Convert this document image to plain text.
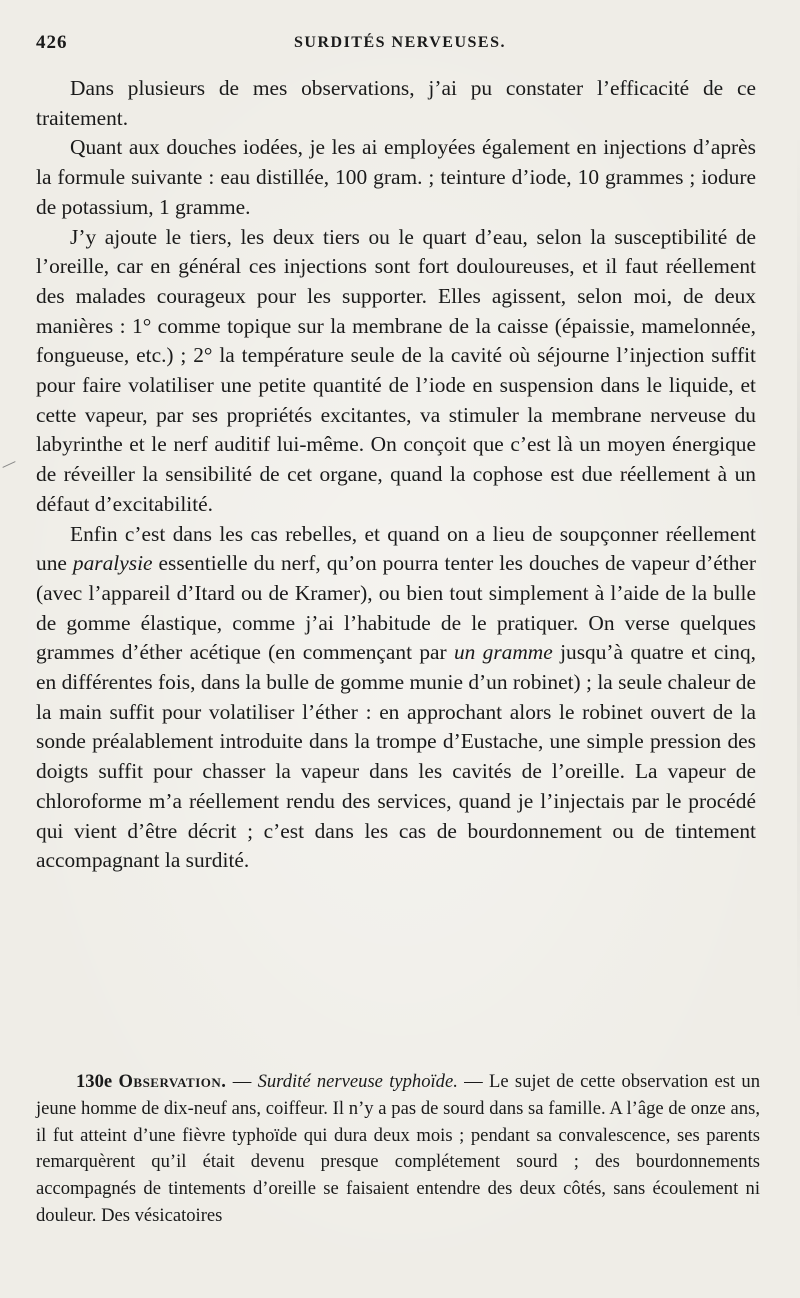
426	SURDITÉS NERVEUSES.

Dans plusieurs de mes observations, j’ai pu constater l’efficacité de ce traitement.

Quant aux douches iodées, je les ai employées également en injections d’après la formule suivante : eau distillée, 100 gram. ; teinture d’iode, 10 grammes ; iodure de potassium, 1 gramme.

J’y ajoute le tiers, les deux tiers ou le quart d’eau, selon la susceptibilité de l’oreille, car en général ces injections sont fort douloureuses, et il faut réellement des malades courageux pour les supporter. Elles agissent, selon moi, de deux manières : 1° comme topique sur la membrane de la caisse (épaissie, mamelonnée, fongueuse, etc.) ; 2° la température seule de la cavité où séjourne l’injection suffit pour faire volatiliser une petite quantité de l’iode en suspension dans le liquide, et cette vapeur, par ses propriétés excitantes, va stimuler la membrane nerveuse du labyrinthe et le nerf auditif lui-même. On conçoit que c’est là un moyen énergique de réveiller la sensibilité de cet organe, quand la cophose est due réellement à un défaut d’excitabilité.

Enfin c’est dans les cas rebelles, et quand on a lieu de soupçonner réellement une paralysie essentielle du nerf, qu’on pourra tenter les douches de vapeur d’éther (avec l’appareil d’Itard ou de Kramer), ou bien tout simplement à l’aide de la bulle de gomme élastique, comme j’ai l’habitude de le pratiquer. On verse quelques grammes d’éther acétique (en commençant par un gramme jusqu’à quatre et cinq, en différentes fois, dans la bulle de gomme munie d’un robinet) ; la seule chaleur de la main suffit pour volatiliser l’éther : en approchant alors le robinet ouvert de la sonde préalablement introduite dans la trompe d’Eustache, une simple pression des doigts suffit pour chasser la vapeur dans les cavités de l’oreille. La vapeur de chloroforme m’a réellement rendu des services, quand je l’injectais par le procédé qui vient d’être décrit ; c’est dans les cas de bourdonnement ou de tintement accompagnant la surdité.

130e Observation. — Surdité nerveuse typhoïde. — Le sujet de cette observation est un jeune homme de dix-neuf ans, coiffeur. Il n’y a pas de sourd dans sa famille. A l’âge de onze ans, il fut atteint d’une fièvre typhoïde qui dura deux mois ; pendant sa convalescence, ses parents remarquèrent qu’il était devenu presque complétement sourd ; des bourdonnements accompagnés de tintements d’oreille se faisaient entendre des deux côtés, sans écoulement ni douleur. Des vésicatoires
